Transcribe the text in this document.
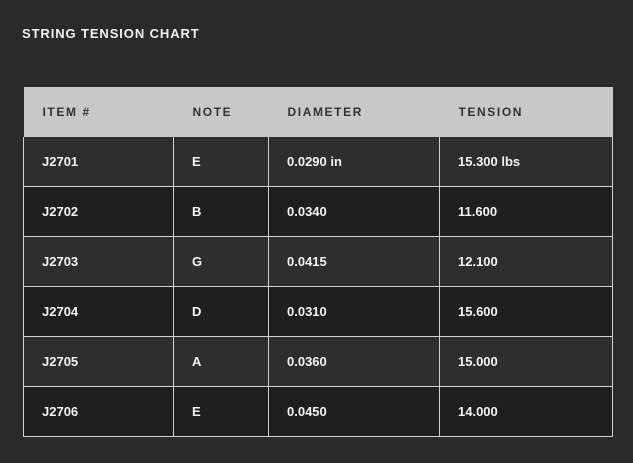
STRING TENSION CHART
ITEM #	NOTE	DIAMETER	TENSION
J2701	E	0.0290 in	15.300 lbs
J2702	B	0.0340	11.600
J2703	G	0.0415	12.100
J2704	D	0.0310	15.600
J2705	A	0.0360	15.000
J2706	E	0.0450	14.000
